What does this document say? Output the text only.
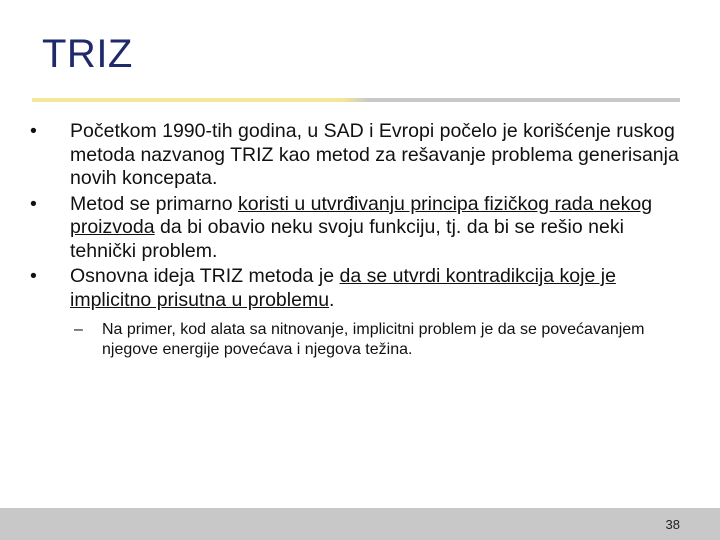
TRIZ
• Početkom 1990-tih godina, u SAD i Evropi počelo je korišćenje ruskog metoda nazvanog TRIZ kao metod za rešavanje problema generisanja novih koncepata.
• Metod se primarno koristi u utvrđivanju principa fizičkog rada nekog proizvoda da bi obavio neku svoju funkciju, tj. da bi se rešio neki tehnički problem.
• Osnovna ideja TRIZ metoda je da se utvrdi kontradikcija koje je implicitno prisutna u problemu.
– Na primer, kod alata sa nitnovanje, implicitni problem je da se povećavanjem njegove energije povećava i njegova težina.
38
